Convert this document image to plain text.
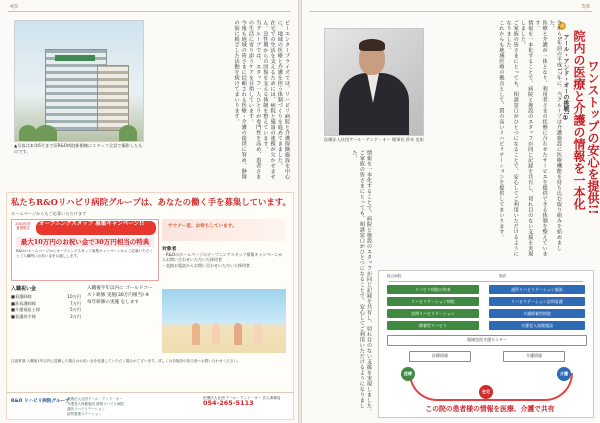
4|5
▲写真は本年6月まで旧R&O病院新館棟にスタッフ全員で撮影したものです。	ビーエンタープライズでは、リハビリ病院と介護保険施設を中心に、地域の医療と介護を担う体制づくりを進めてきました。

在宅での生活を支えるためには、病院と施設の連携が欠かせません。急性期からの回復を支える体制を整えています。

当グループでは、スタッフ一人ひとりが専門性を高め、患者さまの生活に寄り添うケアを目指しています。

今後も地域の皆さまに信頼される医療・介護の提供に努め、静岡の街に根ざした活動を続けてまいります。

私たちR&Oリハビリ病院グループは、あなたの働く手を募集しています。
ホームページからもご応募いただけます
2010年度 夏期限定
オープニングスタッフ 募集キャンペーン!!
最大10万円のお祝い金で30万円相当の特典
R&Oのホームページからオープニングスタッフ募集キャンペーンからご応募いただくとご入職時にお祝い金をお渡しします。
サウナー室、お待ちしています。
対象者
・R&Oのホームページのオープニングスタッフ募集キャンペーンからお問い合わせいただいた採用者
・直接お電話からお問い合わせいただいた採用者
入職祝い金
■看護師様	10万円
■准看護師様	7万円
■介護福祉士様	5万円
■看護助手様	3万円
入職後半年以内に ゴールドコースト研修 実施(30万円相当) ※毎年研修の実施 をします
注意事項:入職後1年以内に退職した場合はお祝い金を返還していただく場合がございます。詳しくは各施設の担当者へお問い合わせください。
R&O リハビリ病院グループ
医療法人社団アール・アンド・オー
介護老人保健施設 静岡リハビリ病院
通所リハビリテーション
訪問看護ステーション
医療法人社団 アール・アンド・オー 法人事務局
054-265-5113
5|6
医療法人社団アール・アンド・オー 理事長 鈴木 克彰
アール・アンド・オーの挑戦!① 院内の医療と介護の情報を一本化 ワンストップの安心を提供!!

今から5年前の平成17年に、当グループは介護施設に医療機能を持ち込む取り組みを始めました。

医療と介護が一体となり、利用者さまの状態に合わせたサービスを提供できる体制を整えています。

情報を一本化することで、病院と施設のスタッフが同じ記録を共有し、切れ目のない支援を実現しました。

ご家族の皆さまにとっても、相談窓口がひとつになることで、安心してご利用いただけるようになりました。

これからも地域医療の拠点として、質の高いリハビリテーションを提供してまいります。

情報を一本化することで、病院と施設のスタッフが同じ記録を共有し、切れ目のない支援を実現しました。

ご家族の皆さまにとっても、相談窓口がひとつになることで、安心してご利用いただけるようになりました。

総合病院	施設
リハビリ病院の外来	通所リハビリテーション施設
リハビリテーション病院	リハビリテーション訪問看護
訪問リハビリテーション	介護療養型病院
療養型リハビリ	介護老人保健施設
地域包括支援センター
医療情報	介護情報
医療
在宅
介護
この院の患者様の情報を医療、介護で共有
